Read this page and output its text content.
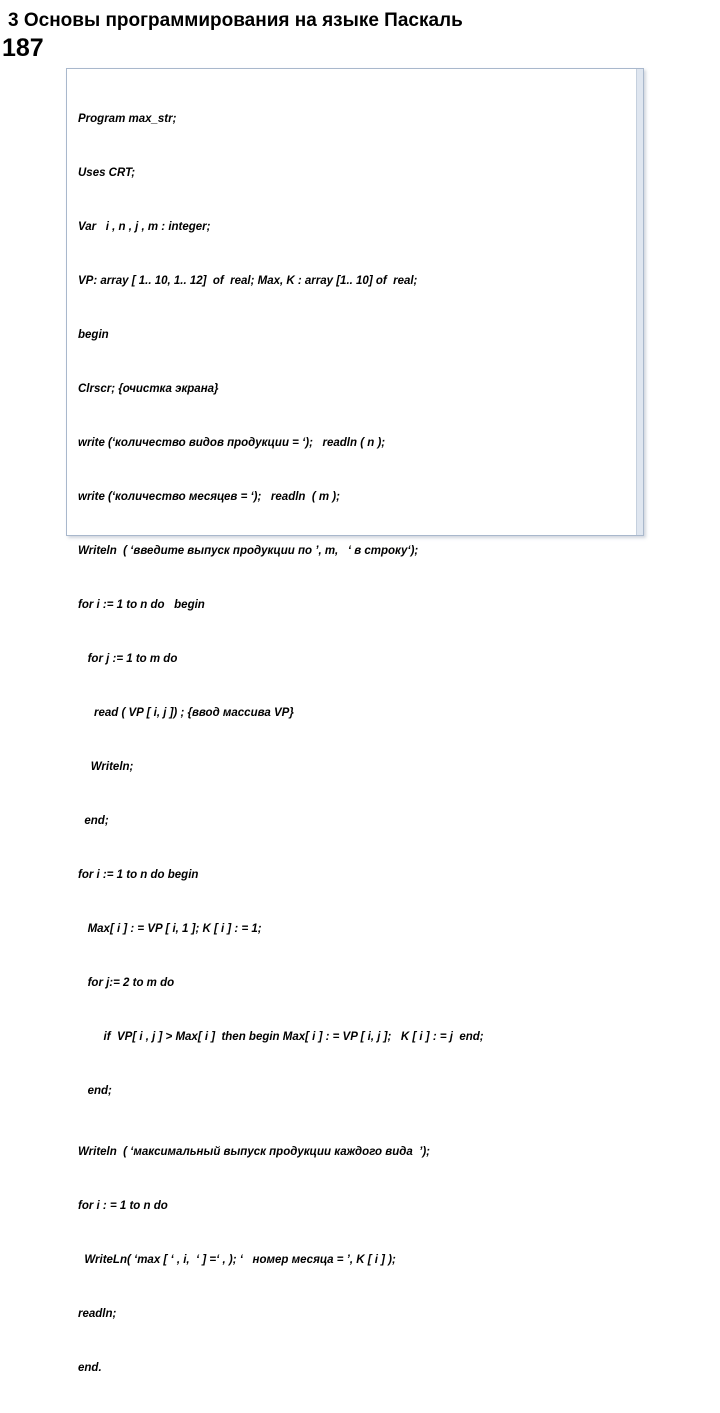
3 Основы программирования на языке Паскаль
187

Program max_str;

Uses CRT;

Var   i , n , j , m : integer;

VP: array [ 1.. 10, 1.. 12]  of  real; Max, K : array [1.. 10] of  real;

begin

Clrscr; {очистка экрана}

write (‘количество видов продукции = ‘);   readln ( n );

write (‘количество месяцев = ‘);   readln  ( m );

Writeln  ( ‘введите выпуск продукции по ’, m,   ‘ в строку‘);

for i := 1 to n do   begin

for j := 1 to m do

read ( VP [ i, j ]) ; {ввод массива VP}

Writeln;

end;

for i := 1 to n do begin

Max[ i ] : = VP [ i, 1 ]; K [ i ] : = 1;

for j:= 2 to m do

if  VP[ i , j ] > Max[ i ]  then begin Max[ i ] : = VP [ i, j ];   K [ i ] : = j  end;

end;

Writeln  ( ‘максимальный выпуск продукции каждого вида  ’);

for i : = 1 to n do

WriteLn( ‘max [ ‘ , i,  ‘ ] =‘ , ); ‘   номер месяца = ’, K [ i ] );

readln;

end.
